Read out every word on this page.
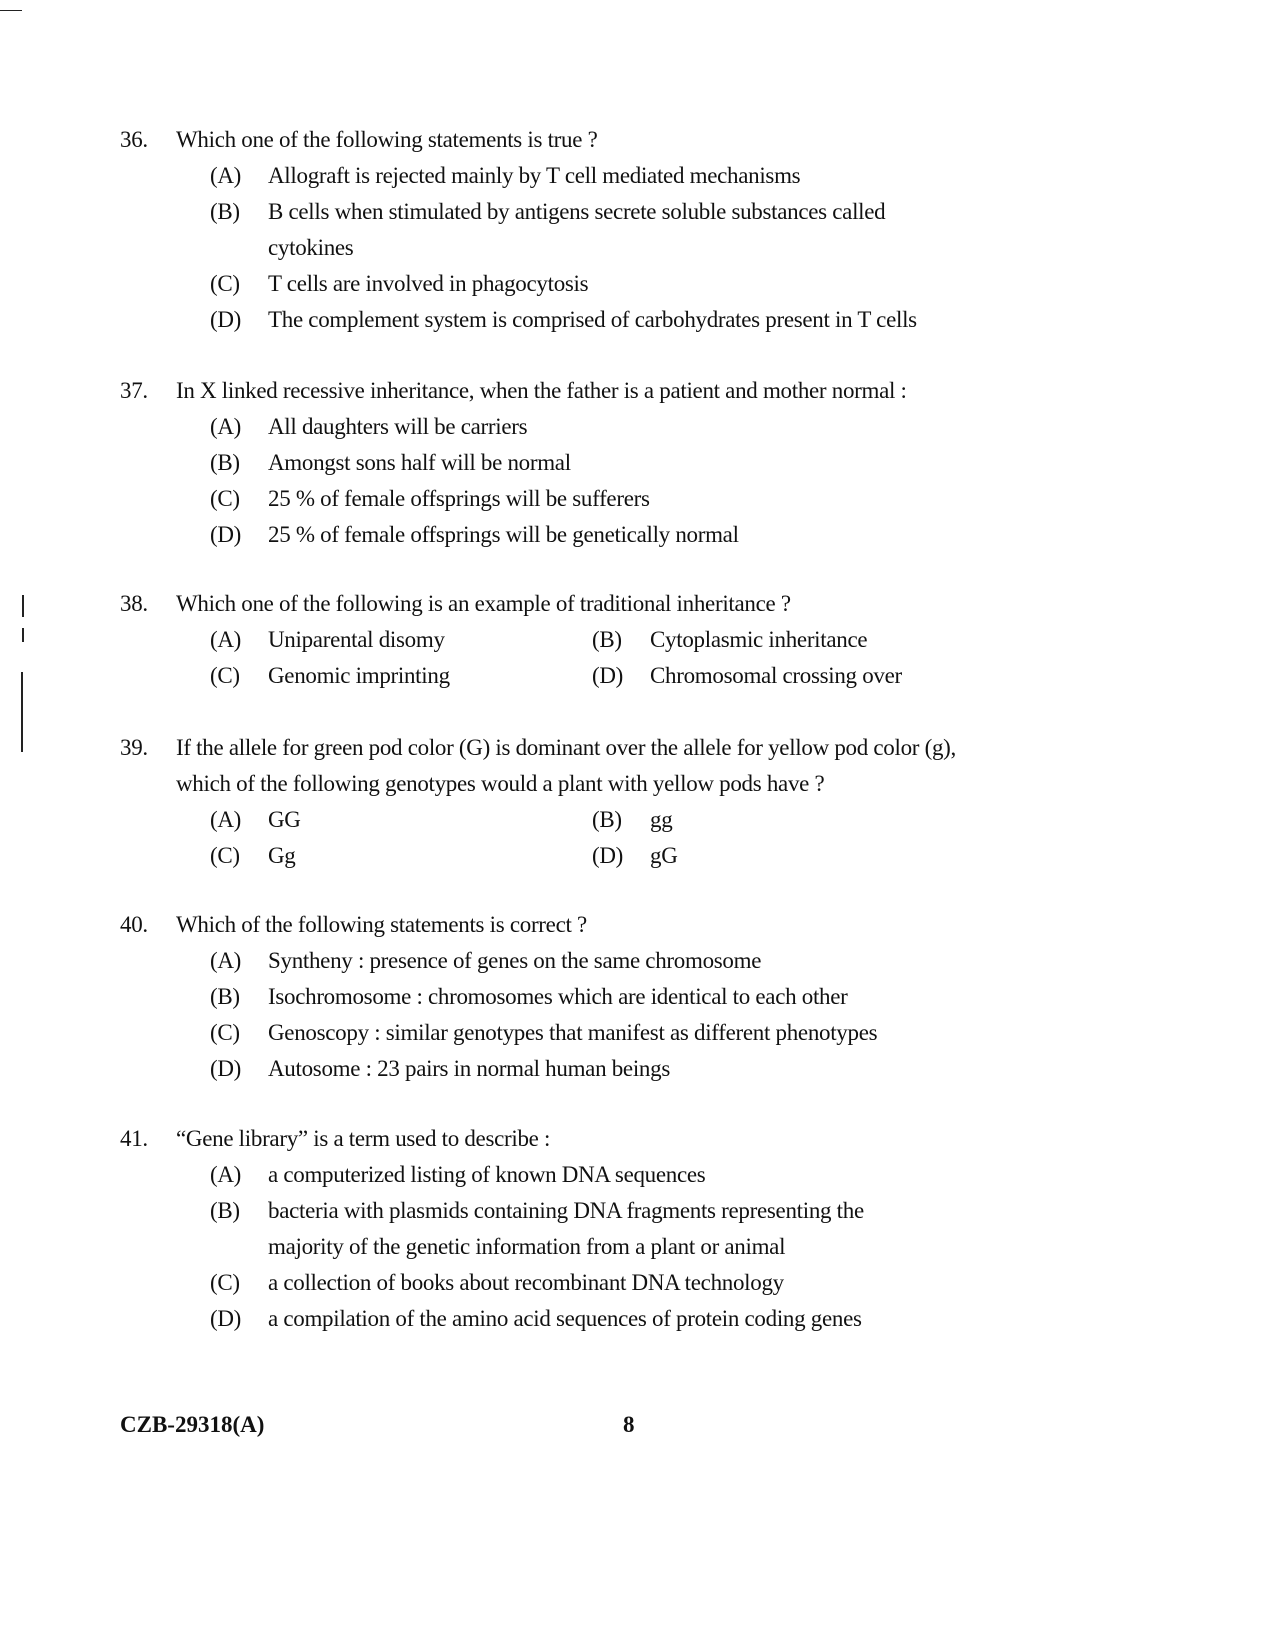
36. Which one of the following statements is true ?
(A) Allograft is rejected mainly by T cell mediated mechanisms
(B) B cells when stimulated by antigens secrete soluble substances called cytokines
(C) T cells are involved in phagocytosis
(D) The complement system is comprised of carbohydrates present in T cells
37. In X linked recessive inheritance, when the father is a patient and mother normal :
(A) All daughters will be carriers
(B) Amongst sons half will be normal
(C) 25 % of female offsprings will be sufferers
(D) 25 % of female offsprings will be genetically normal
38. Which one of the following is an example of traditional inheritance ?
(A) Uniparental disomy	(B) Cytoplasmic inheritance
(C) Genomic imprinting	(D) Chromosomal crossing over
39. If the allele for green pod color (G) is dominant over the allele for yellow pod color (g), which of the following genotypes would a plant with yellow pods have ?
(A) GG	(B) gg
(C) Gg	(D) gG
40. Which of the following statements is correct ?
(A) Syntheny : presence of genes on the same chromosome
(B) Isochromosome : chromosomes which are identical to each other
(C) Genoscopy : similar genotypes that manifest as different phenotypes
(D) Autosome : 23 pairs in normal human beings
41. “Gene library” is a term used to describe :
(A) a computerized listing of known DNA sequences
(B) bacteria with plasmids containing DNA fragments representing the majority of the genetic information from a plant or animal
(C) a collection of books about recombinant DNA technology
(D) a compilation of the amino acid sequences of protein coding genes
CZB-29318(A)	8
